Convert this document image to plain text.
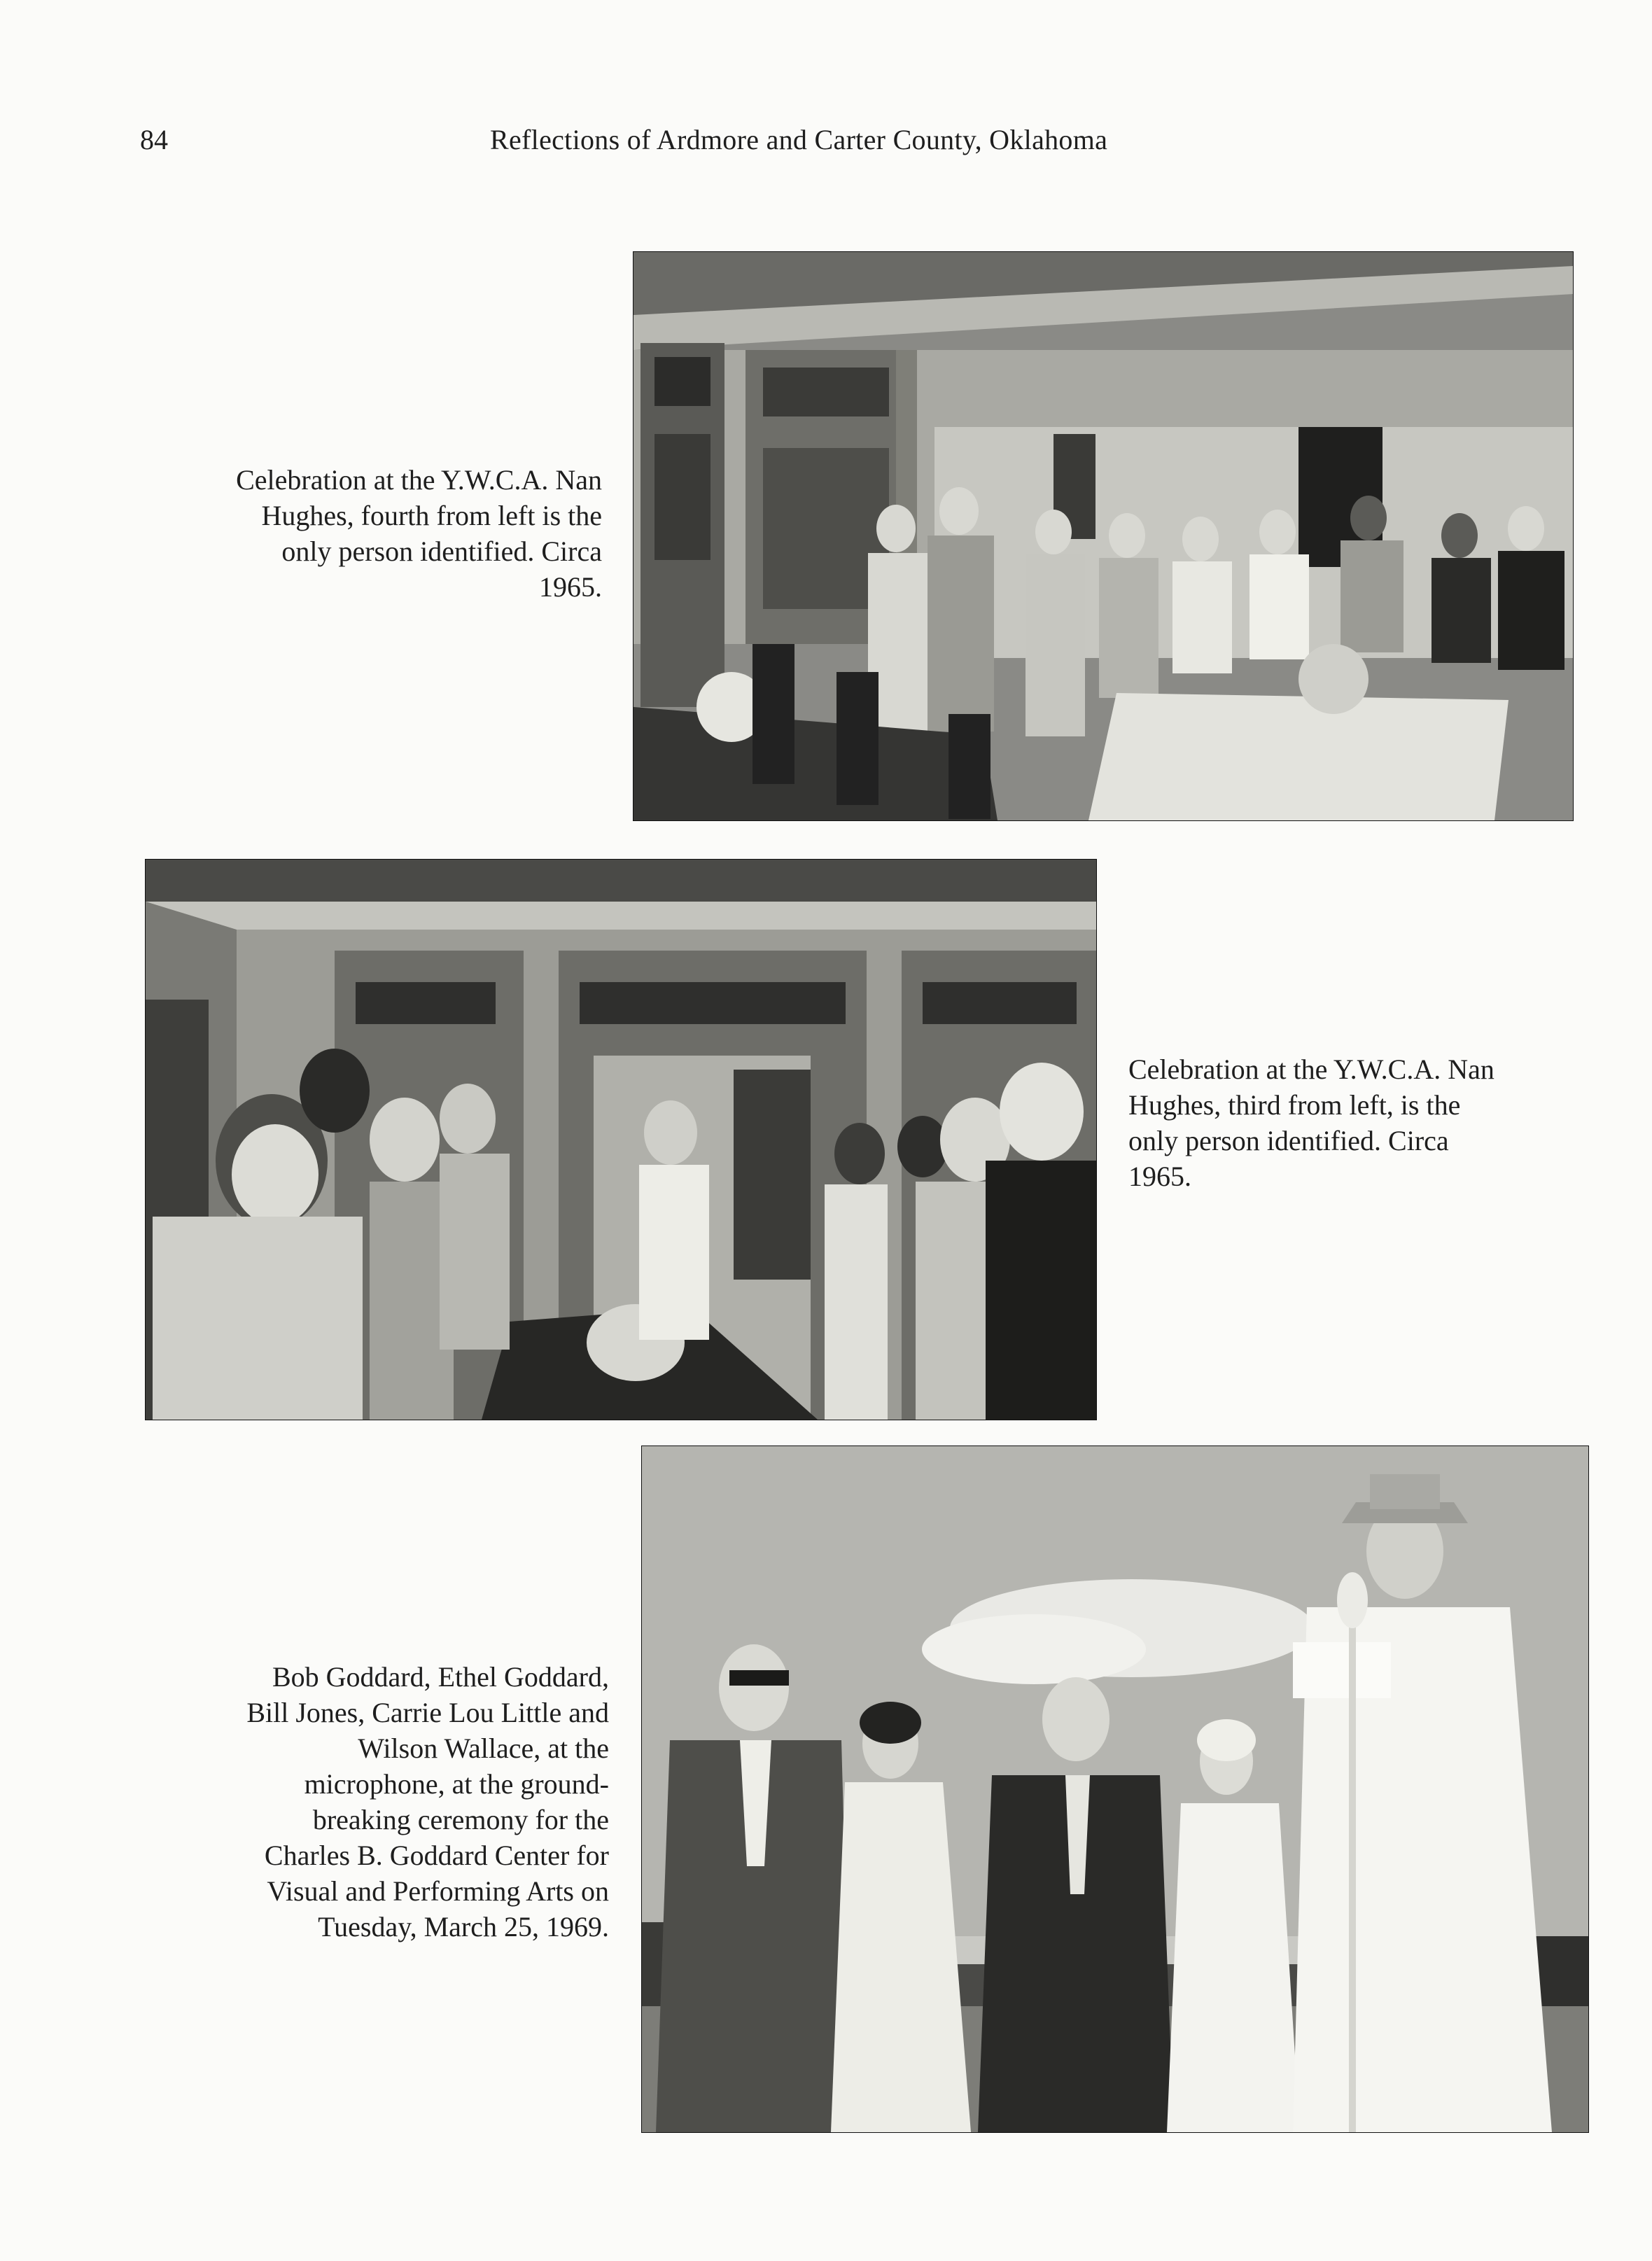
84	Reflections of Ardmore and Carter County, Oklahoma
Celebration at the Y.W.C.A. Nan
Hughes, fourth from left is the
only person identified. Circa
1965.
Celebration at the Y.W.C.A. Nan
Hughes, third from left, is the
only person identified. Circa
1965.
Bob Goddard, Ethel Goddard,
Bill Jones, Carrie Lou Little and
Wilson Wallace, at the
microphone, at the ground-
breaking ceremony for the
Charles B. Goddard Center for
Visual and Performing Arts on
Tuesday, March 25, 1969.
